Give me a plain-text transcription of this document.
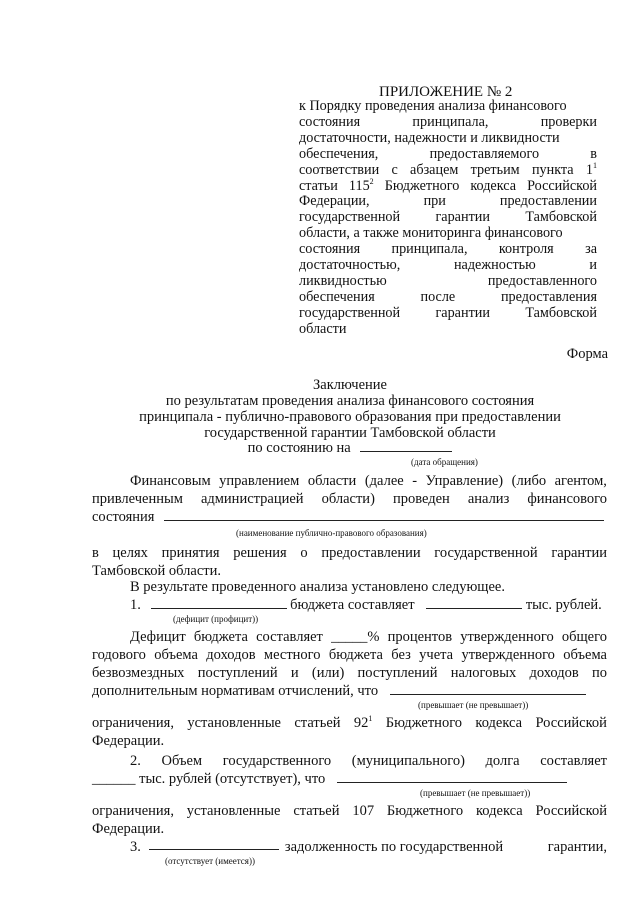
ПРИЛОЖЕНИЕ № 2
к Порядку проведения анализа финансового
состояния	принципала,	проверки
достаточности, надежности и ликвидности
обеспечения,	предоставляемого	в
соответствии с абзацем третьим пункта $1^1$
статьи $115^2$ Бюджетного кодекса Российской
Федерации,	при	предоставлении
государственной гарантии Тамбовской
области, а также мониторинга финансового
состояния принципала, контроля за
достаточностью,	надежностью	и
ликвидностью	предоставленного
обеспечения	после	предоставления
государственной гарантии Тамбовской
области
Форма
Заключение
по результатам проведения анализа финансового состояния
принципала - публично-правового образования при предоставлении
государственной гарантии Тамбовской области
по состоянию на
(дата обращения)
Финансовым управлением области (далее - Управление) (либо агентом,
привлеченным администрацией области) проведен анализ финансового
состояния
(наименование публично-правового образования)
в целях принятия решения о предоставлении государственной гарантии
Тамбовской области.
В результате проведенного анализа установлено следующее.
1.	бюджета составляет	тыс. рублей.
(дефицит (профицит))
Дефицит бюджета составляет _____% процентов утвержденного общего
годового объема доходов местного бюджета без учета утвержденного объема
безвозмездных поступлений и (или) поступлений налоговых доходов по
дополнительным нормативам отчислений, что
(превышает (не превышает))
ограничения, установленные статьей $92^1$ Бюджетного кодекса Российской
Федерации.
2. Объем государственного (муниципального) долга составляет
______ тыс. рублей (отсутствует), что
(превышает (не превышает))
ограничения, установленные статьей 107 Бюджетного кодекса Российской
Федерации.
3.	задолженность по государственной	гарантии,
(отсутствует (имеется))
